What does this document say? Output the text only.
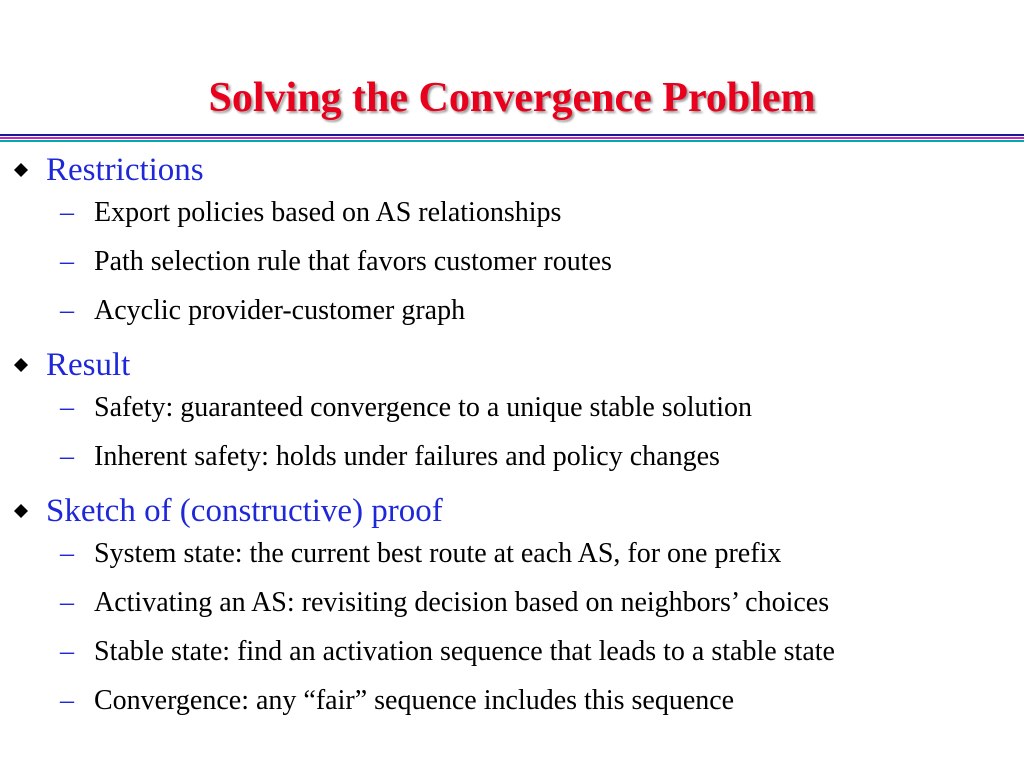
Solving the Convergence Problem
Restrictions
– Export policies based on AS relationships
– Path selection rule that favors customer routes
– Acyclic provider-customer graph
Result
– Safety: guaranteed convergence to a unique stable solution
– Inherent safety: holds under failures and policy changes
Sketch of (constructive) proof
– System state: the current best route at each AS, for one prefix
– Activating an AS: revisiting decision based on neighbors’ choices
– Stable state: find an activation sequence that leads to a stable state
– Convergence: any “fair” sequence includes this sequence
